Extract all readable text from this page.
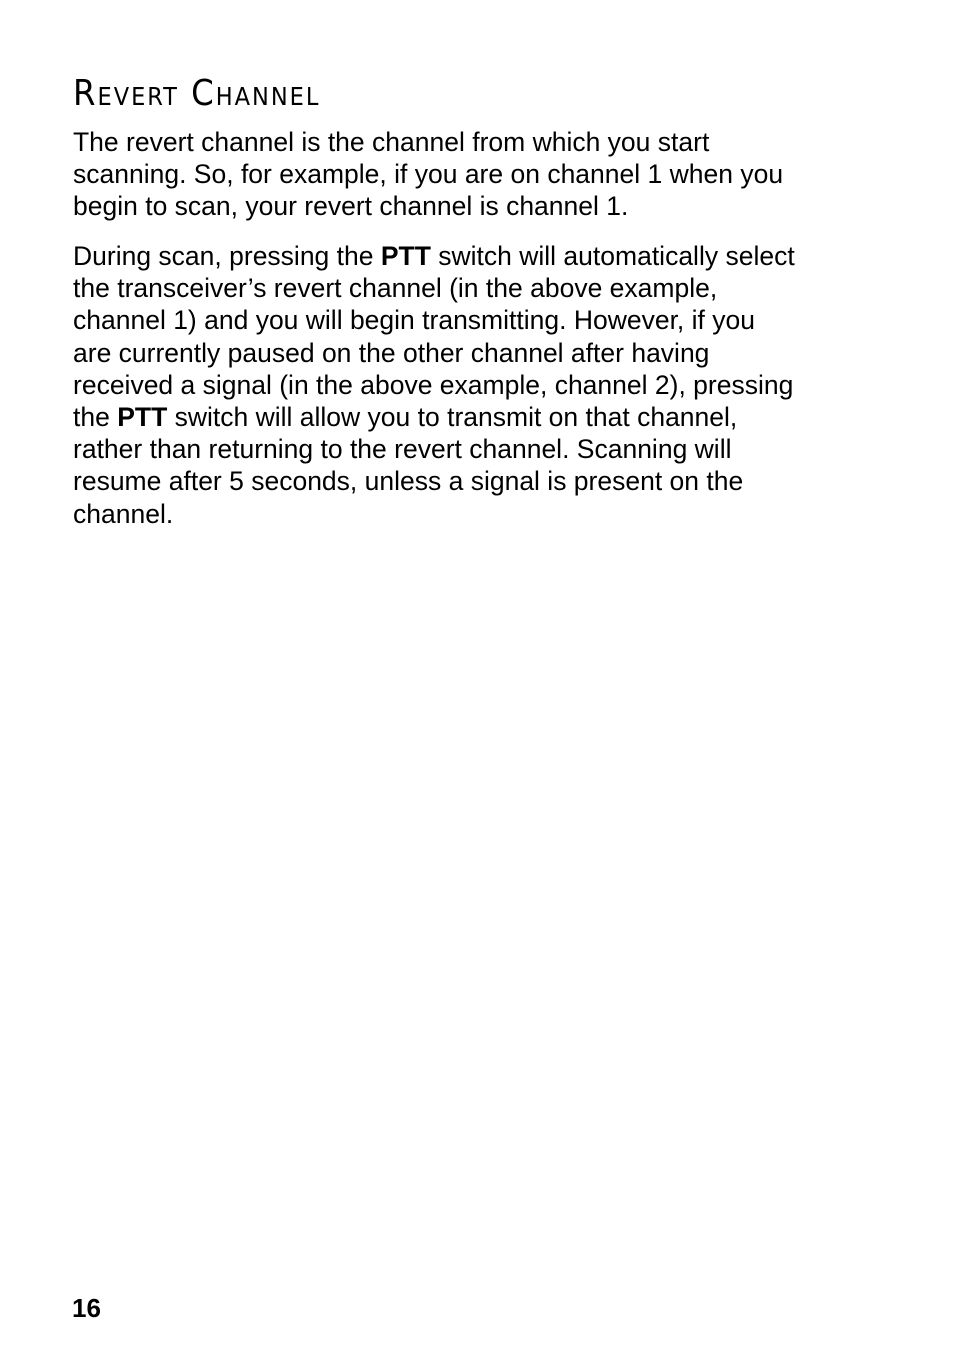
Revert Channel

The revert channel is the channel from which you start
scanning. So, for example, if you are on channel 1 when you
begin to scan, your revert channel is channel 1.

During scan, pressing the PTT switch will automatically select
the transceiver’s revert channel (in the above example,
channel 1) and you will begin transmitting. However, if you
are currently paused on the other channel after having
received a signal (in the above example, channel 2), pressing
the PTT switch will allow you to transmit on that channel,
rather than returning to the revert channel. Scanning will
resume after 5 seconds, unless a signal is present on the
channel.

16
